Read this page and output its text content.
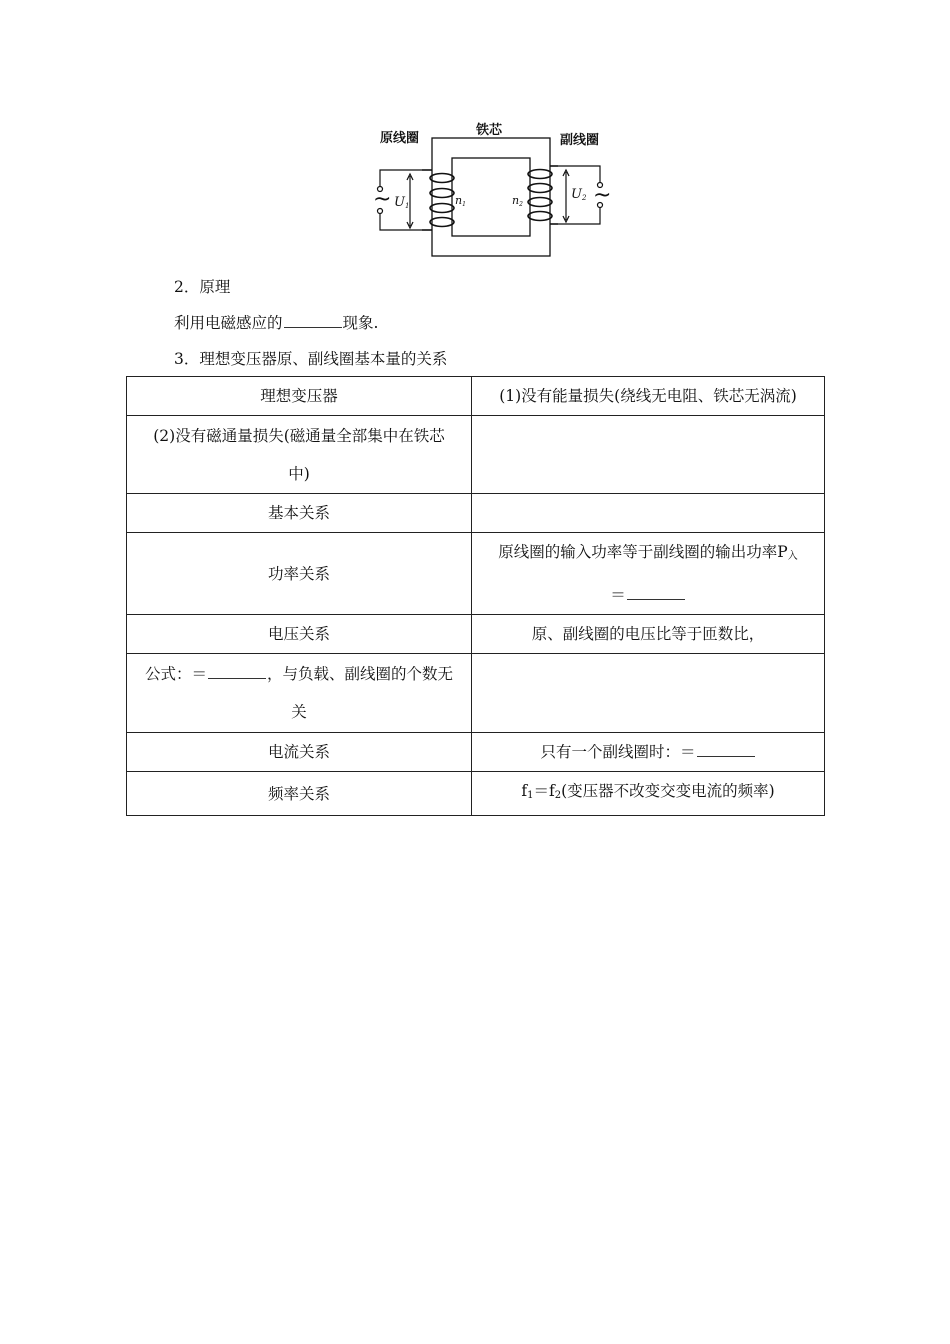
原线圈
铁芯
副线圈
~	~
U1	n1	n2
U2
2．原理
利用电磁感应的	现象.
3．理想变压器原、副线圈基本量的关系
理想变压器	(1)没有能量损失(绕线无电阻、铁芯无涡流)

(2)没有磁通量损失(磁通量全部集中在铁芯
中)	

基本关系	
功率关系	原线圈的输入功率等于副线圈的输出功率$P_入$
＝

电压关系	原、副线圈的电压比等于匝数比，

公式：＝ ，与负载、副线圈的个数无
关	

电流关系	只有一个副线圈时：＝
频率关系	$f_1=f_2$(变压器不改变交变电流的频率)
